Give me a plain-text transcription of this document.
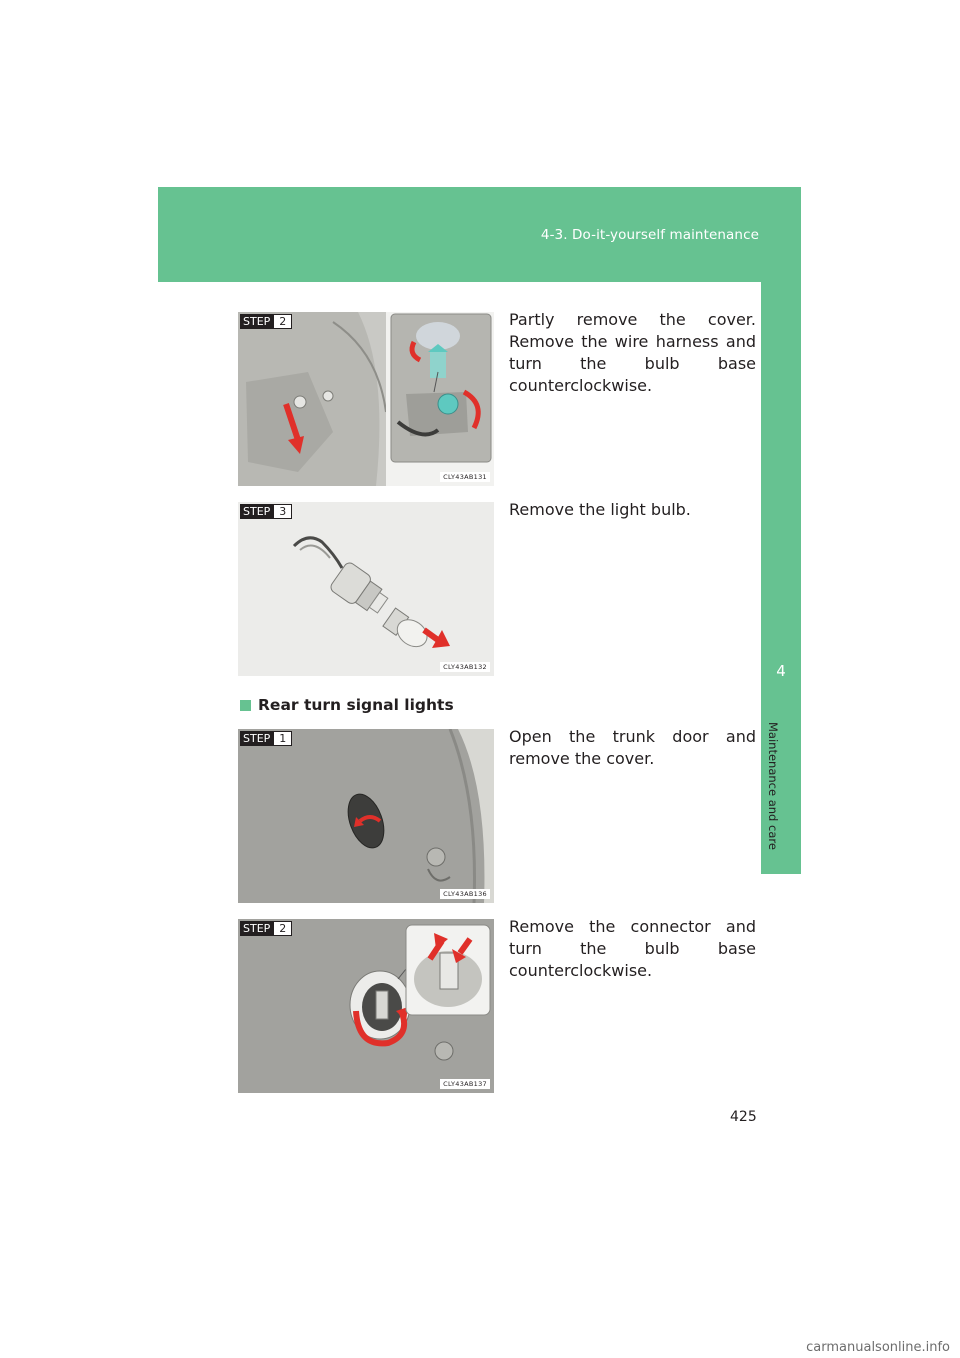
4-3. Do-it-yourself maintenance
4
Maintenance and care
STEP 2
CLY43AB131
Partly remove the cover. Remove the wire harness and turn the bulb base counterclockwise.
STEP 3
CLY43AB132
Remove the light bulb.
Rear turn signal lights
STEP 1
CLY43AB136
Open the trunk door and remove the cover.
STEP 2
CLY43AB137
Remove the connector and turn the bulb base counterclockwise.
425
carmanualsonline.info
